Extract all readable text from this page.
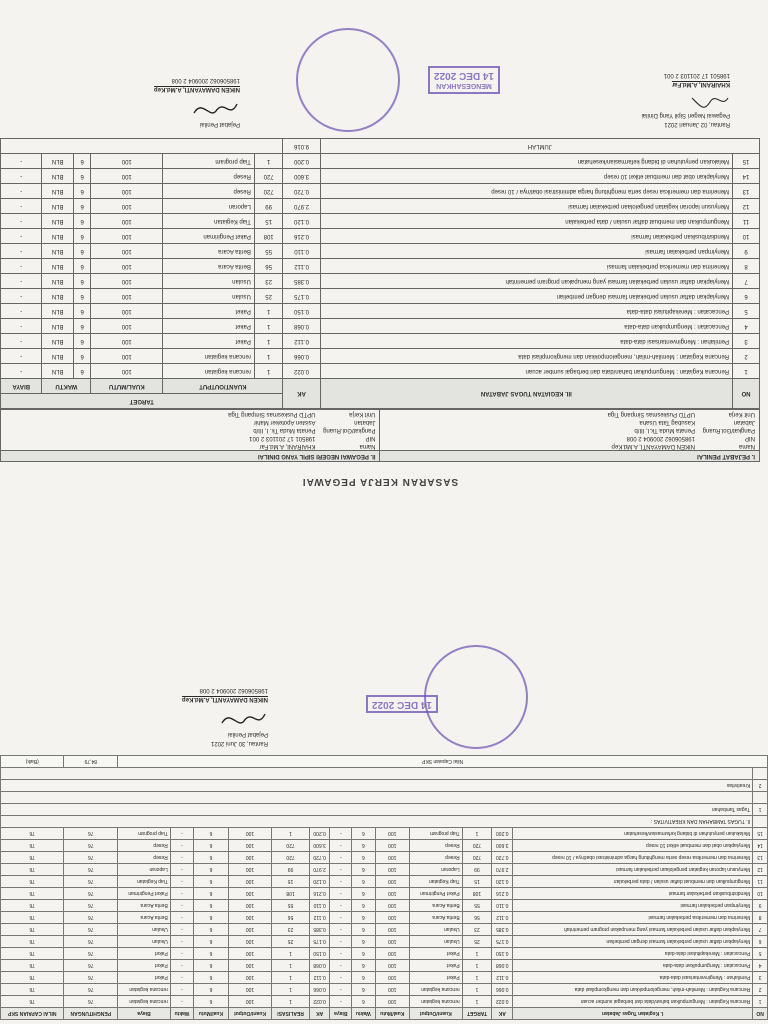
SASARAN KERJA PEGAWAI
I. PEJABAT PENILAI
Nama
NIKEN DAMAYANTI, A.Md.Kep
NIP
198506062 200904 2 008
Pangkat/Gol.Ruang
Penata Muda Tk.I, III/b
Jabatan
Kasubag Tata Usaha
Unit Kerja
UPTD Puskesmas Simpang Tiga
II. PEGAWAI NEGERI SIPIL YANG DINILAI
Nama
KHAIRANI, A.Md.Far
NIP
198501 17 201103 2 001
Pangkat/Gol.Ruang
Penata Muda Tk. I, III/b
Jabatan
Asisten Apoteker Mahir
Unit Kerja
UPTD Puskesmas Simpang Tiga
NO	III. KEGIATAN TUGAS JABATAN	AK	TARGET					
			KUANT/OUTPUT		KUAL/MUTU	WAKTU		BIAYA
1	Rencana Kegiatan : Mengumpulkan bahan/data dari berbagai sumber acuan	0.022	1	rencana kegiatan	100	6	BLN	-
2	Rencana Kegiatan : Memilah-milah, mengelompokkan dan mengkompilasi data	0.066	1	rencana kegiatan	100	6	BLN	-
3	Pemilahan : Menginventarisasi data-data	0.112	1	Paket	100	6	BLN	-
4	Pencacatan : Mengumpulkan data-data	0.068	1	Paket	100	6	BLN	-
5	Pencacatan : Merekapitulasi data-data	0.150	1	Paket	100	6	BLN	-
6	Menyiapkan daftar usulan perbekalan farmasi dengan pembelian	0.175	25	Usulan	100	6	BLN	-
7	Menyiapkan daftar usulan perbekalan farmasi yang merupakan program pemerintah	0.385	23	Usulan	100	6	BLN	-
8	Menerima dan memeriksa perbekalan farmasi	0.112	56	Berita Acara	100	6	BLN	-
9	Menyimpan perbekalan farmasi	0.110	55	Berita Acara	100	6	BLN	-
10	Mendistribusikan perbekalan farmasi	0.216	108	Paket Pengiriman	100	6	BLN	-
11	Mengumpulkan dan membuat daftar usulan / data perbekalan	0.120	15	Tiap Kegiatan	100	6	BLN	-
12	Menyusun laporan kegiatan pengelolaan perbekalan farmasi	2.970	99	Laporan	100	6	BLN	-
13	Menerima dan memeriksa resep serta menghitung harga administrasi obat/nya / 10 resep	0.720	720	Resep	100	6	BLN	-
14	Menyiapkan obat dan membuat etiket 10 resep	3.600	720	Resep	100	6	BLN	-
15	Melakukan penyuluhan di bidang kefarmasian/kesehatan	0.200	1	Tiap program	100	6	BLN	-
JUMLAH		9.016						
Rantau, 02 Januari 2021
Pegawai Negeri Sipil Yang Dinilai
KHAIRANI, A.Md.Far
198501 17 201103 2 001
MENGESAHKAN
14 DEC 2022
Pejabat Penilai
NIKEN DAMAYANTI, A.Md.Kep
198506062 200904 2 008
NO	I. Kegiatan Tugas Jabatan	AK	TARGET	Kuant/Output	Kual/Mutu	Waktu	Biaya	AK	REALISASI	Kuant/Output	Kual/Mutu	Waktu	Biaya	PENGHITUNGAN	NILAI CAPAIAN SKP
1	Rencana Kegiatan : Mengumpulkan bahan/data dari berbagai sumber acuan	0.022	1	rencana kegiatan	100	6	-	0.022	1	100	6	-	rencana kegiatan	76	76
2	Rencana Kegiatan : Memilah-milah, mengelompokkan dan mengkompilasi data	0.066	1	rencana kegiatan	100	6	-	0.066	1	100	6	-	rencana kegiatan	76	76
3	Pemilahan : Menginventarisasi data-data	0.112	1	Paket	100	6	-	0.112	1	100	6	-	Paket	76	76
4	Pencacatan : Mengumpulkan data-data	0.068	1	Paket	100	6	-	0.068	1	100	6	-	Paket	76	76
5	Pencacatan : Merekapitulasi data-data	0.150	1	Paket	100	6	-	0.150	1	100	6	-	Paket	76	76
6	Menyiapkan daftar usulan perbekalan farmasi dengan pembelian	0.175	25	Usulan	100	6	-	0.175	25	100	6	-	Usulan	76	76
7	Menyiapkan daftar usulan perbekalan farmasi yang merupakan program pemerintah	0.385	23	Usulan	100	6	-	0.385	23	100	6	-	Usulan	76	76
8	Menerima dan memeriksa perbekalan farmasi	0.112	56	Berita Acara	100	6	-	0.112	56	100	6	-	Berita Acara	76	76
9	Menyimpan perbekalan farmasi	0.110	55	Berita Acara	100	6	-	0.110	55	100	6	-	Berita Acara	76	76
10	Mendistribusikan perbekalan farmasi	0.216	108	Paket Pengiriman	100	6	-	0.216	108	100	6	-	Paket Pengiriman	76	76
11	Mengumpulkan dan membuat daftar usulan / data perbekalan	0.120	15	Tiap Kegiatan	100	6	-	0.120	15	100	6	-	Tiap Kegiatan	76	76
12	Menyusun laporan kegiatan pengelolaan perbekalan farmasi	2.970	99	Laporan	100	6	-	2.970	99	100	6	-	Laporan	76	76
13	Menerima dan memeriksa resep serta menghitung harga administrasi obat/nya / 10 resep	0.720	720	Resep	100	6	-	0.720	720	100	6	-	Resep	76	76
14	Menyiapkan obat dan membuat etiket 10 resep	3.600	720	Resep	100	6	-	3.600	720	100	6	-	Resep	76	76
15	Melakukan penyuluhan di bidang kefarmasian/kesehatan	0.200	1	Tiap program	100	6	-	0.200	1	100	6	-	Tiap program	76	76
	II. TUGAS TAMBAHAN DAN KREATIVITAS :														
1	Tugas Tambahan														

2	Kreativitas														

Nilai Capaian SKP														84,79	(Baik)
14 DEC 2022
Rantau, 30 Juni 2021
Pejabat Penilai
NIKEN DAMAYANTI, A.Md.Kep
198506062 200904 2 008
